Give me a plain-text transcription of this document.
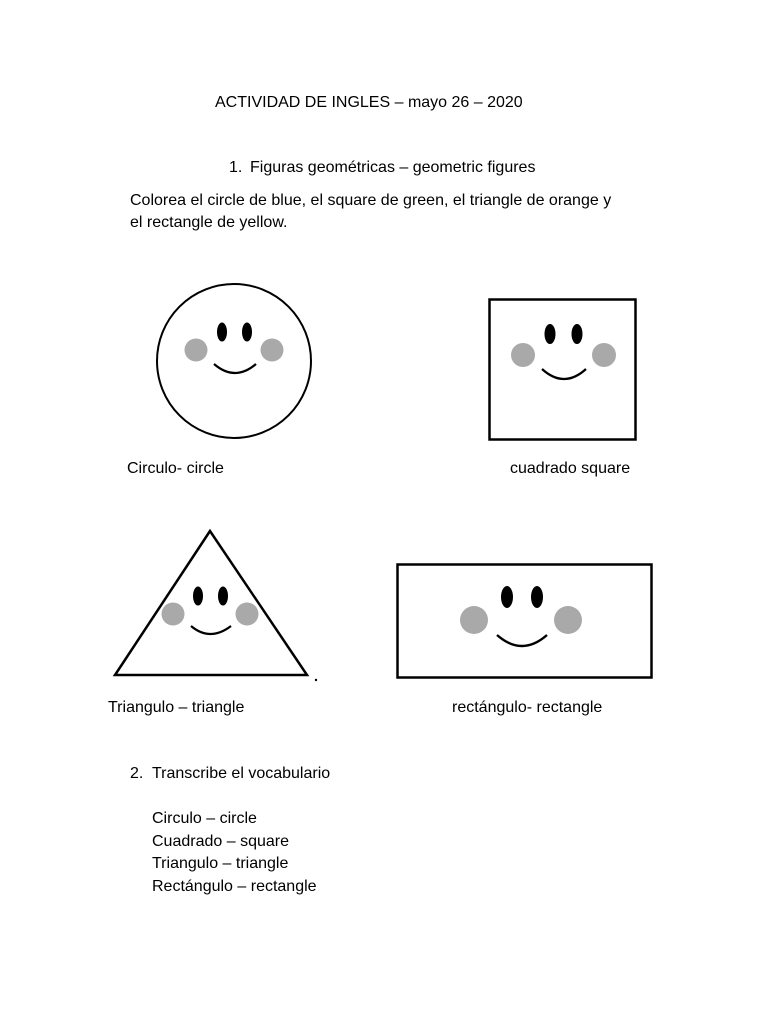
ACTIVIDAD DE INGLES – mayo 26 – 2020
1. Figuras geométricas – geometric figures
Colorea el circle de blue, el square de green, el triangle de orange y
el rectangle de yellow.
Circulo- circle	cuadrado square
Triangulo – triangle	rectángulo- rectangle
2. Transcribe el vocabulario
Circulo – circle
Cuadrado – square
Triangulo – triangle
Rectángulo – rectangle
